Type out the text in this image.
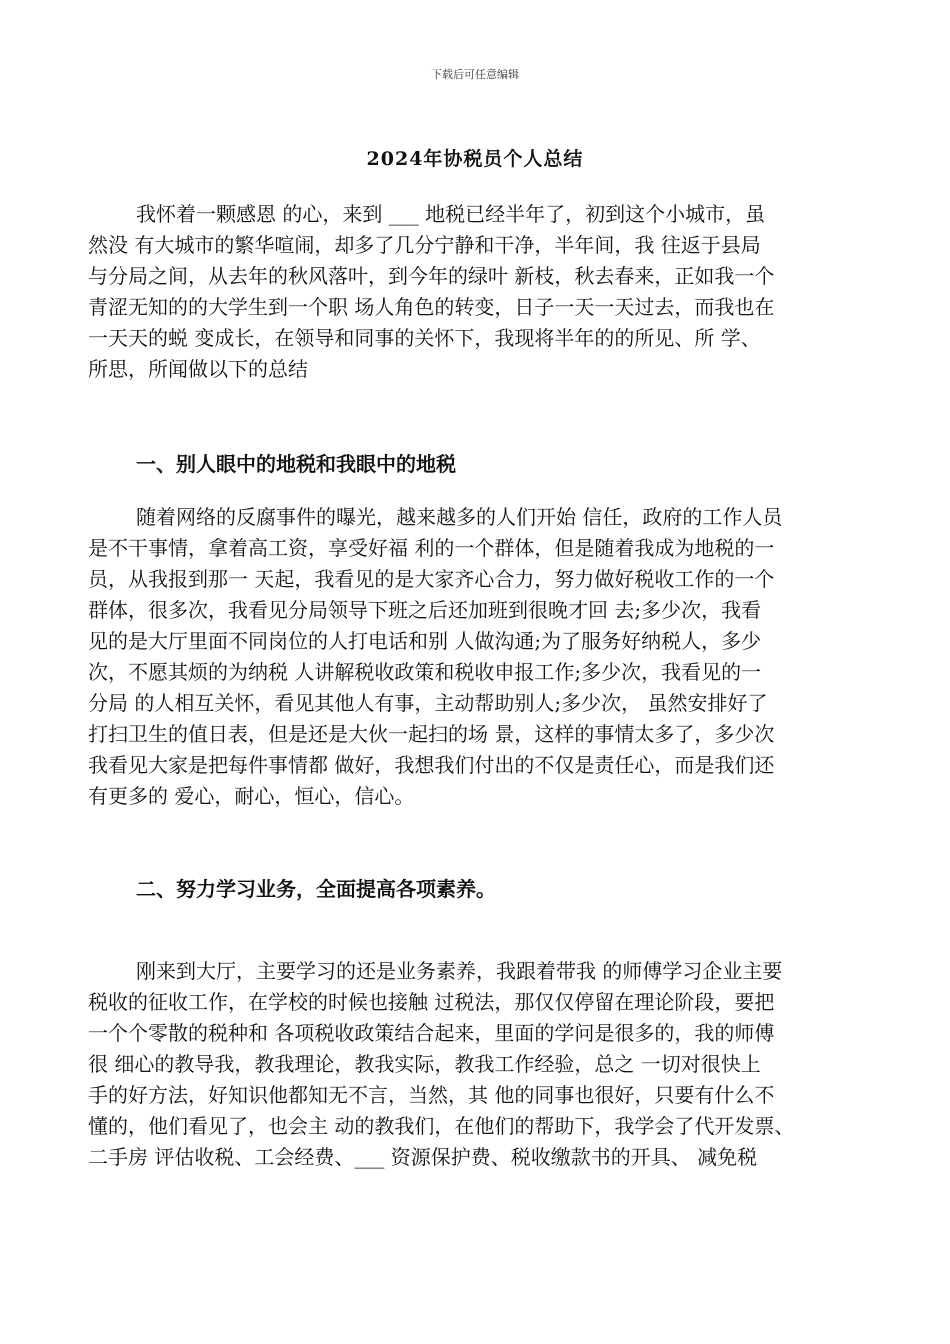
下载后可任意编辑
2024年协税员个人总结
我怀着一颗感恩 的心，来到 ___ 地税已经半年了，初到这个小城市，虽
然没 有大城市的繁华喧闹，却多了几分宁静和干净，半年间，我 往返于县局
与分局之间，从去年的秋风落叶，到今年的绿叶 新枝，秋去春来，正如我一个
青涩无知的的大学生到一个职 场人角色的转变，日子一天一天过去，而我也在
一天天的蜕 变成长，在领导和同事的关怀下，我现将半年的的所见、所 学、
所思，所闻做以下的总结
一、别人眼中的地税和我眼中的地税
随着网络的反腐事件的曝光，越来越多的人们开始 信任，政府的工作人员
是不干事情，拿着高工资，享受好福 利的一个群体，但是随着我成为地税的一
员，从我报到那一 天起，我看见的是大家齐心合力，努力做好税收工作的一个
群体，很多次，我看见分局领导下班之后还加班到很晚才回 去;多少次，我看
见的是大厅里面不同岗位的人打电话和别 人做沟通;为了服务好纳税人，多少
次，不愿其烦的为纳税 人讲解税收政策和税收申报工作;多少次，我看见的一
分局 的人相互关怀，看见其他人有事，主动帮助别人;多少次， 虽然安排好了
打扫卫生的值日表，但是还是大伙一起扫的场 景，这样的事情太多了，多少次
我看见大家是把每件事情都 做好，我想我们付出的不仅是责任心，而是我们还
有更多的 爱心，耐心，恒心，信心。
二、努力学习业务，全面提高各项素养。
刚来到大厅，主要学习的还是业务素养，我跟着带我 的师傅学习企业主要
税收的征收工作，在学校的时候也接触 过税法，那仅仅停留在理论阶段，要把
一个个零散的税种和 各项税收政策结合起来，里面的学问是很多的，我的师傅
很 细心的教导我，教我理论，教我实际，教我工作经验，总之 一切对很快上
手的好方法，好知识他都知无不言，当然，其 他的同事也很好，只要有什么不
懂的，他们看见了，也会主 动的教我们，在他们的帮助下，我学会了代开发票、
二手房 评估收税、工会经费、___ 资源保护费、税收缴款书的开具、 减免税
